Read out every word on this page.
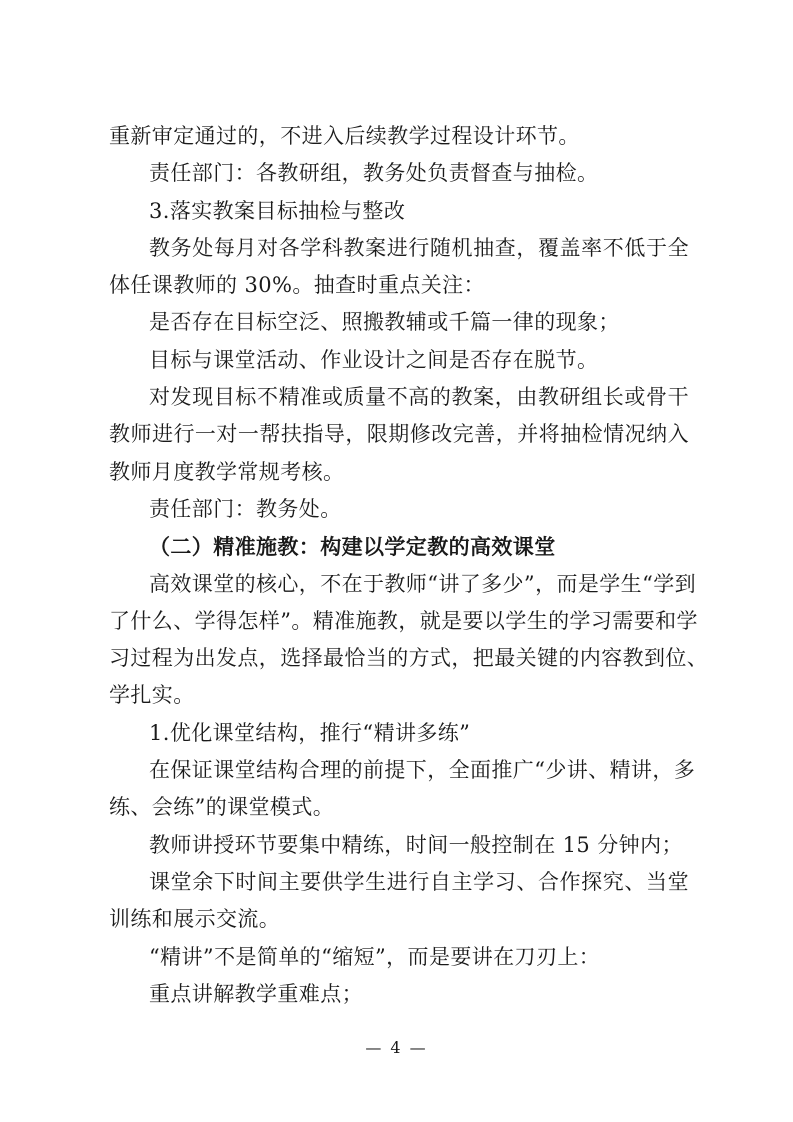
重新审定通过的，不进入后续教学过程设计环节。
责任部门：各教研组，教务处负责督查与抽检。
3.落实教案目标抽检与整改
教务处每月对各学科教案进行随机抽查，覆盖率不低于全
体任课教师的 30%。抽查时重点关注：
是否存在目标空泛、照搬教辅或千篇一律的现象；
目标与课堂活动、作业设计之间是否存在脱节。
对发现目标不精准或质量不高的教案，由教研组长或骨干
教师进行一对一帮扶指导，限期修改完善，并将抽检情况纳入
教师月度教学常规考核。
责任部门：教务处。
（二）精准施教：构建以学定教的高效课堂
高效课堂的核心，不在于教师“讲了多少”，而是学生“学到
了什么、学得怎样”。精准施教，就是要以学生的学习需要和学
习过程为出发点，选择最恰当的方式，把最关键的内容教到位、
学扎实。
1.优化课堂结构，推行“精讲多练”
在保证课堂结构合理的前提下，全面推广“少讲、精讲，多
练、会练”的课堂模式。
教师讲授环节要集中精练，时间一般控制在 15 分钟内；
课堂余下时间主要供学生进行自主学习、合作探究、当堂
训练和展示交流。
“精讲”不是简单的“缩短”，而是要讲在刀刃上：
重点讲解教学重难点；
— 4 —
